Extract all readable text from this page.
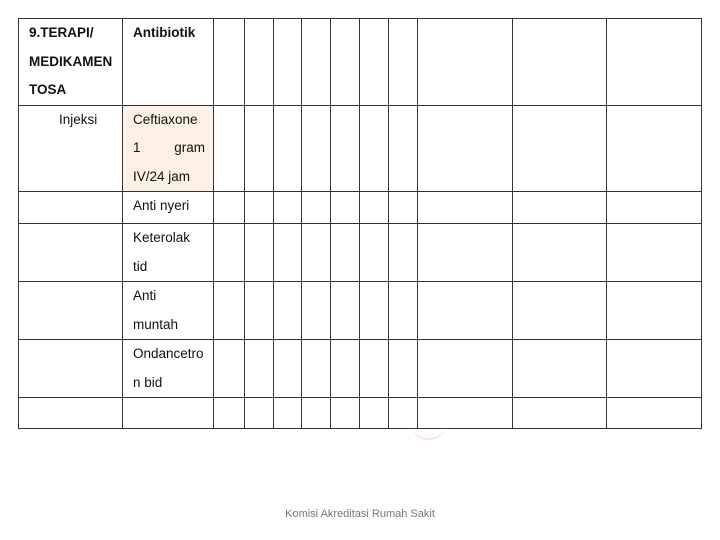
9.TERAPI/
MEDIKAMEN
TOSA	Antibiotik										

Injeksi	Ceftiaxone
1 gram
IV/24 jam										

	Anti nyeri										

	Keterolak
tid										

	Anti
muntah										

	Ondancetro
n bid										

Komisi Akreditasi Rumah Sakit
